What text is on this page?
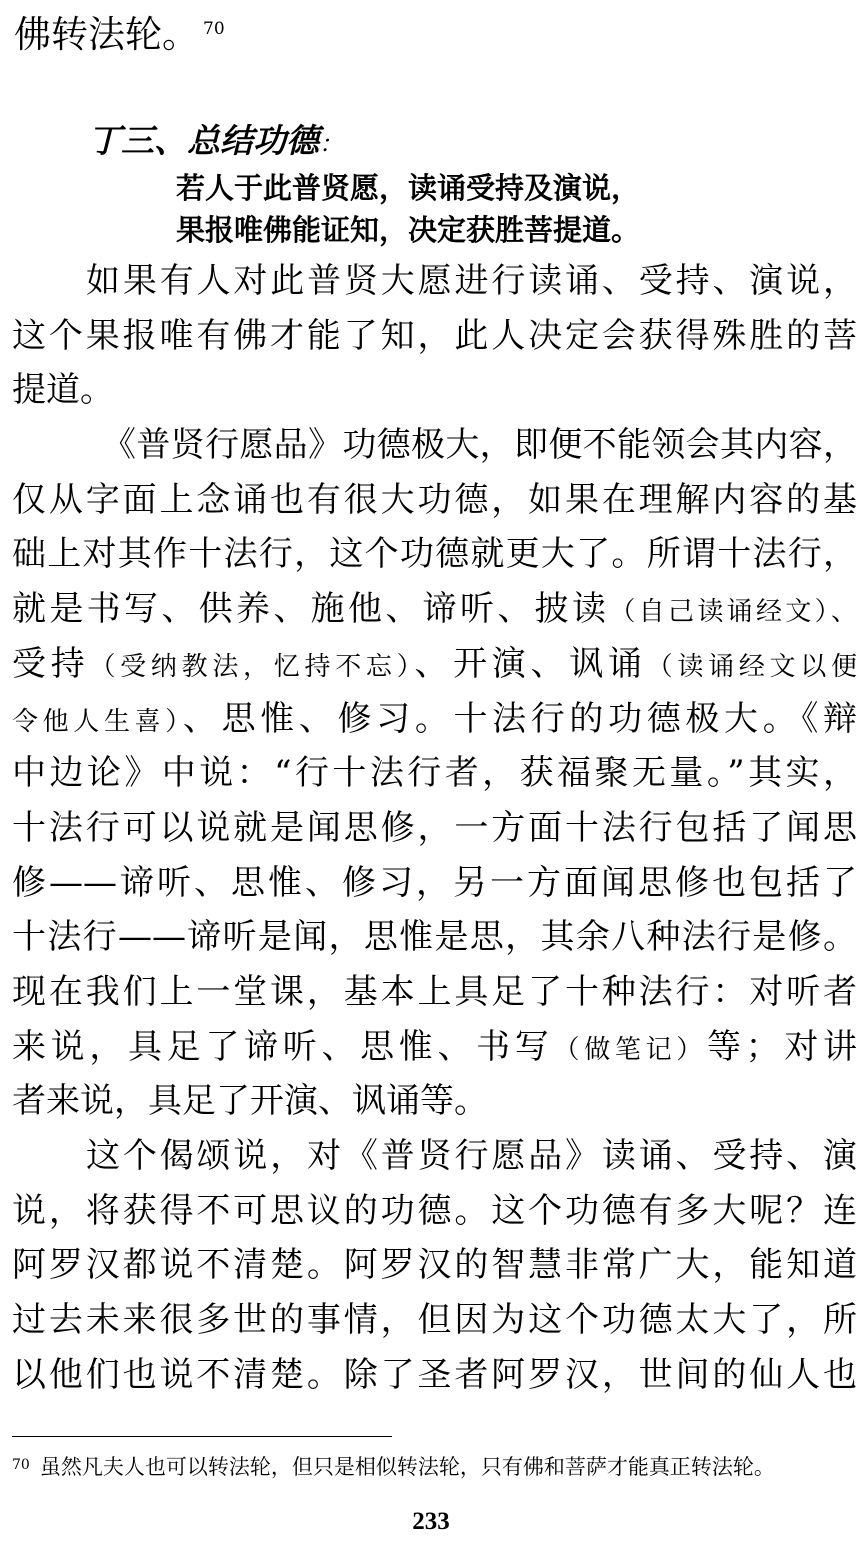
佛转法轮。 $^{70}$
丁三、总结功德：
若人于此普贤愿，读诵受持及演说，
果报唯佛能证知，决定获胜菩提道。
如果有人对此普贤大愿进行读诵、受持、演说，
这个果报唯有佛才能了知，此人决定会获得殊胜的菩
提道。
《普贤行愿品》功德极大，即便不能领会其内容，
仅从字面上念诵也有很大功德，如果在理解内容的基
础上对其作十法行，这个功德就更大了。所谓十法行，
就是书写、供养、施他、谛听、披读（自己读诵经文）、
受持（受纳教法，忆持不忘）、开演、讽诵（读诵经文以便
令他人生喜）、思惟、修习。十法行的功德极大。《辩
中边论》中说：“行十法行者，获福聚无量。”其实，
十法行可以说就是闻思修，一方面十法行包括了闻思
修——谛听、思惟、修习，另一方面闻思修也包括了
十法行——谛听是闻，思惟是思，其余八种法行是修。
现在我们上一堂课，基本上具足了十种法行：对听者
来说，具足了谛听、思惟、书写（做笔记）等；对讲
者来说，具足了开演、讽诵等。
这个偈颂说，对《普贤行愿品》读诵、受持、演
说，将获得不可思议的功德。这个功德有多大呢？连
阿罗汉都说不清楚。阿罗汉的智慧非常广大，能知道
过去未来很多世的事情，但因为这个功德太大了，所
以他们也说不清楚。除了圣者阿罗汉，世间的仙人也
$^{70}$ 虽然凡夫人也可以转法轮，但只是相似转法轮，只有佛和菩萨才能真正转法轮。
233
